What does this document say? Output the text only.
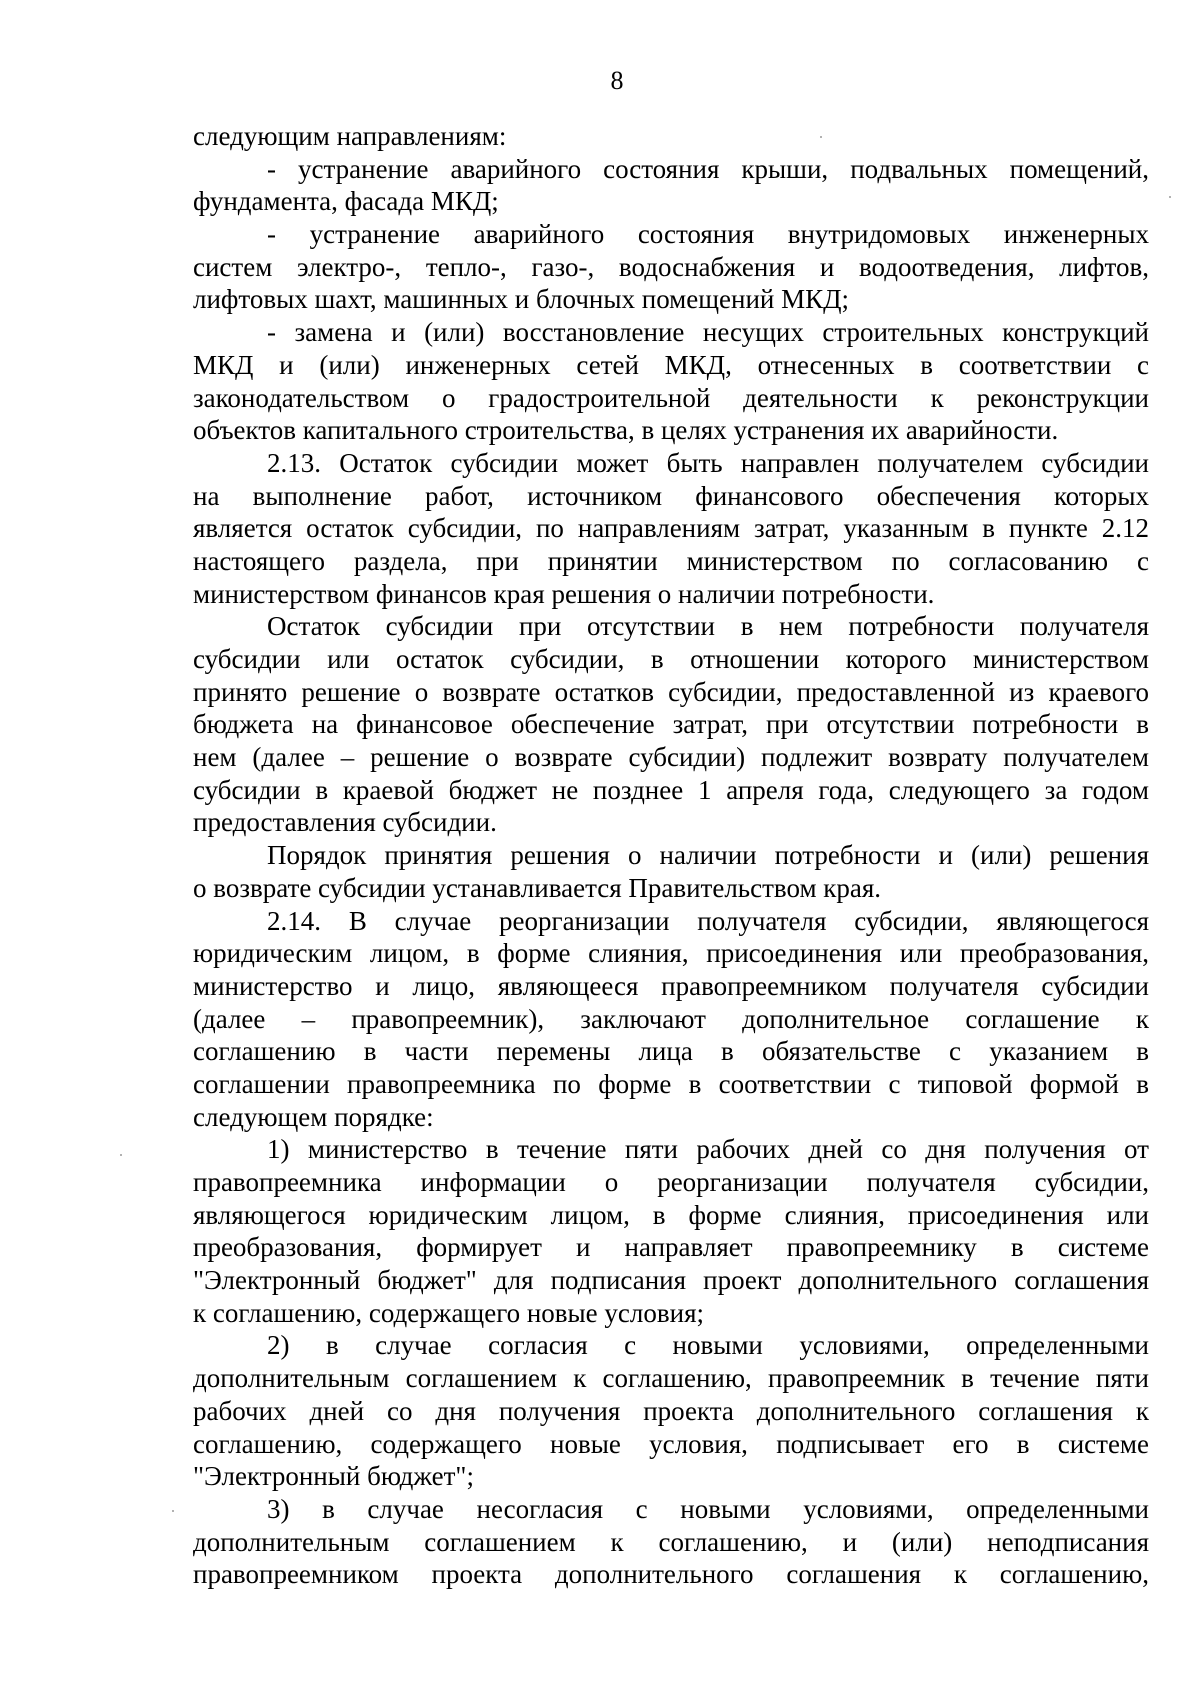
8
следующим направлениям:
- устранение аварийного состояния крыши, подвальных помещений,
фундамента, фасада МКД;
- устранение аварийного состояния внутридомовых инженерных
систем электро-, тепло-, газо-, водоснабжения и водоотведения, лифтов,
лифтовых шахт, машинных и блочных помещений МКД;
- замена и (или) восстановление несущих строительных конструкций
МКД и (или) инженерных сетей МКД, отнесенных в соответствии с
законодательством о градостроительной деятельности к реконструкции
объектов капитального строительства, в целях устранения их аварийности.
2.13. Остаток субсидии может быть направлен получателем субсидии
на выполнение работ, источником финансового обеспечения которых
является остаток субсидии, по направлениям затрат, указанным в пункте 2.12
настоящего раздела, при принятии министерством по согласованию с
министерством финансов края решения о наличии потребности.
Остаток субсидии при отсутствии в нем потребности получателя
субсидии или остаток субсидии, в отношении которого министерством
принято решение о возврате остатков субсидии, предоставленной из краевого
бюджета на финансовое обеспечение затрат, при отсутствии потребности в
нем (далее – решение о возврате субсидии) подлежит возврату получателем
субсидии в краевой бюджет не позднее 1 апреля года, следующего за годом
предоставления субсидии.
Порядок принятия решения о наличии потребности и (или) решения
о возврате субсидии устанавливается Правительством края.
2.14. В случае реорганизации получателя субсидии, являющегося
юридическим лицом, в форме слияния, присоединения или преобразования,
министерство и лицо, являющееся правопреемником получателя субсидии
(далее – правопреемник), заключают дополнительное соглашение к
соглашению в части перемены лица в обязательстве с указанием в
соглашении правопреемника по форме в соответствии с типовой формой в
следующем порядке:
1) министерство в течение пяти рабочих дней со дня получения от
правопреемника информации о реорганизации получателя субсидии,
являющегося юридическим лицом, в форме слияния, присоединения или
преобразования, формирует и направляет правопреемнику в системе
"Электронный бюджет" для подписания проект дополнительного соглашения
к соглашению, содержащего новые условия;
2) в случае согласия с новыми условиями, определенными
дополнительным соглашением к соглашению, правопреемник в течение пяти
рабочих дней со дня получения проекта дополнительного соглашения к
соглашению, содержащего новые условия, подписывает его в системе
"Электронный бюджет";
3) в случае несогласия с новыми условиями, определенными
дополнительным соглашением к соглашению, и (или) неподписания
правопреемником проекта дополнительного соглашения к соглашению,
